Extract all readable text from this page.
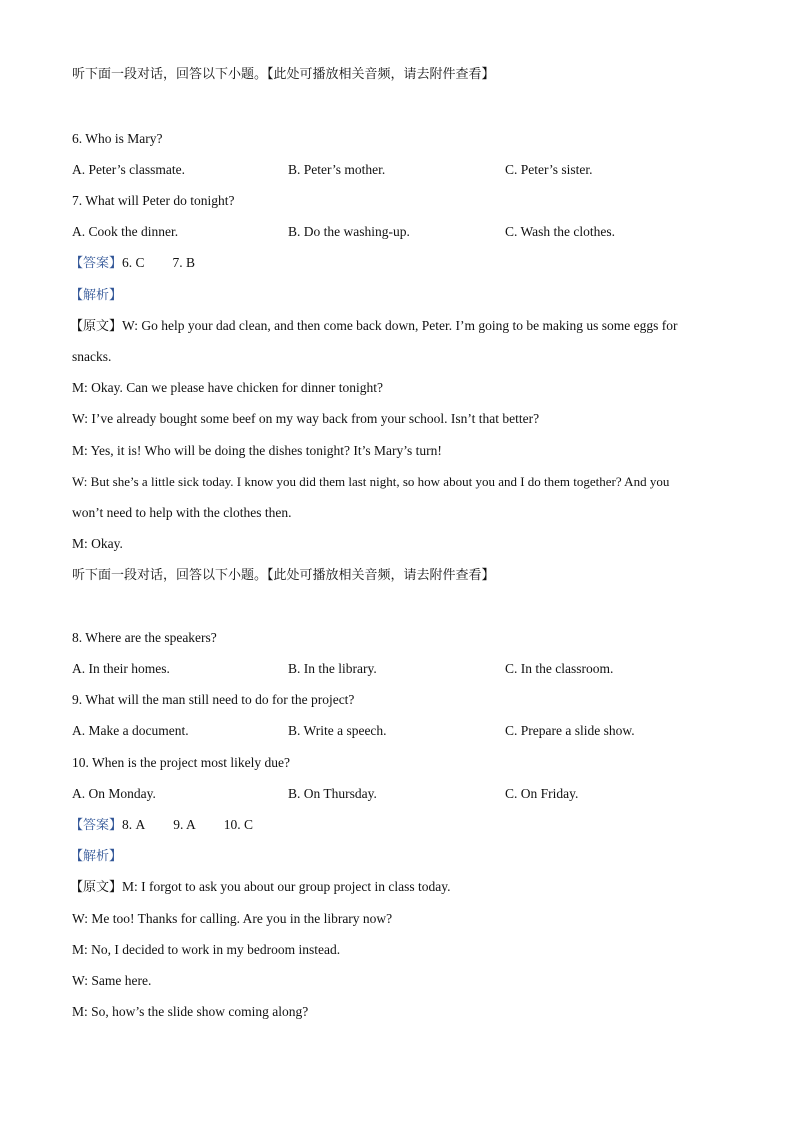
听下面一段对话，回答以下小题。【此处可播放相关音频，请去附件查看】
6. Who is Mary?
A. Peter’s classmate.	B. Peter’s mother.	C. Peter’s sister.
7. What will Peter do tonight?
A. Cook the dinner.	B. Do the washing-up.	C. Wash the clothes.
【答案】6. C 7. B
【解析】
【原文】W: Go help your dad clean, and then come back down, Peter. I’m going to be making us some eggs for
snacks.
M: Okay. Can we please have chicken for dinner tonight?
W: I’ve already bought some beef on my way back from your school. Isn’t that better?
M: Yes, it is! Who will be doing the dishes tonight? It’s Mary’s turn!
W: But she’s a little sick today. I know you did them last night, so how about you and I do them together? And you
won’t need to help with the clothes then.
M: Okay.
听下面一段对话，回答以下小题。【此处可播放相关音频，请去附件查看】
8. Where are the speakers?
A. In their homes.	B. In the library.	C. In the classroom.
9. What will the man still need to do for the project?
A. Make a document.	B. Write a speech.	C. Prepare a slide show.
10. When is the project most likely due?
A. On Monday.	B. On Thursday.	C. On Friday.
【答案】8. A 9. A 10. C
【解析】
【原文】M: I forgot to ask you about our group project in class today.
W: Me too! Thanks for calling. Are you in the library now?
M: No, I decided to work in my bedroom instead.
W: Same here.
M: So, how’s the slide show coming along?
